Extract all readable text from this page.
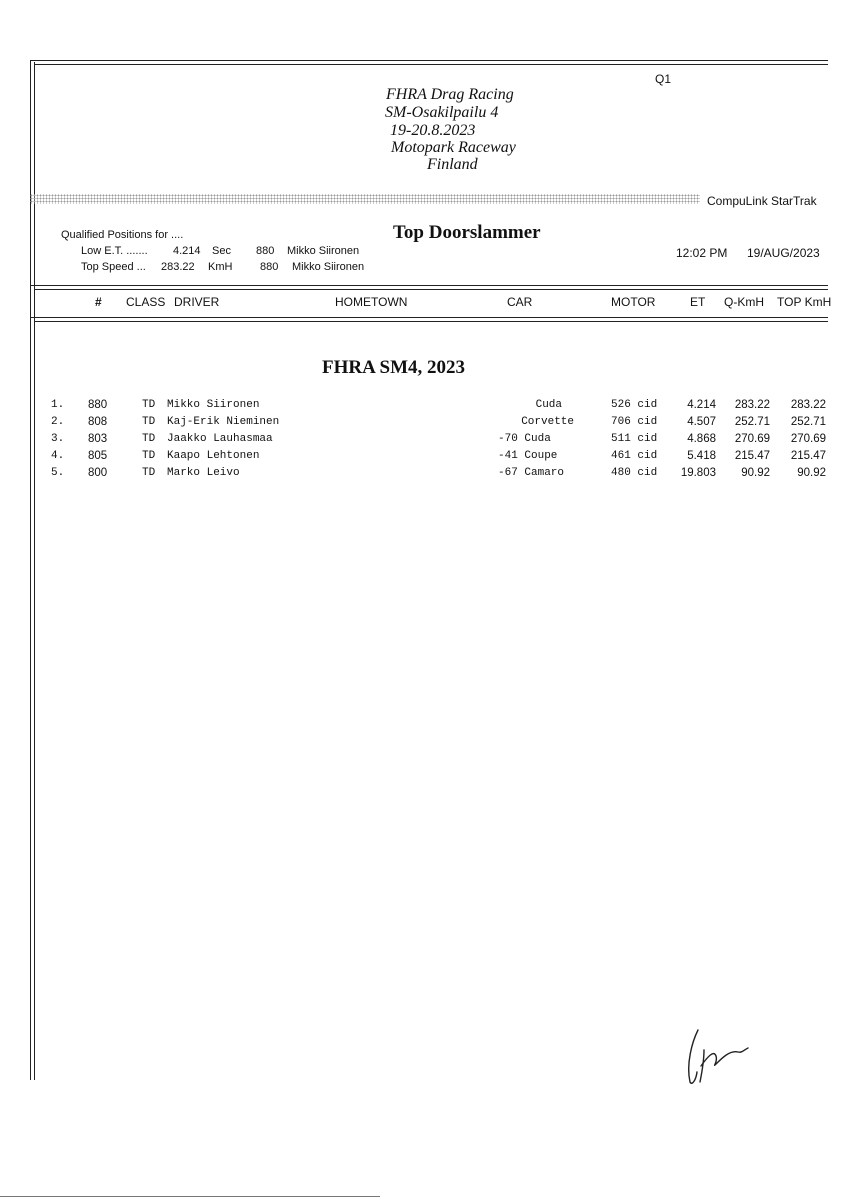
FHRA Drag Racing
SM-Osakilpailu 4
19-20.8.2023
Motopark Raceway
Finland
Q1
CompuLink StarTrak
Qualified Positions for ....
Low E.T. ....... 4.214 Sec 880 Mikko Siironen
Top Speed ... 283.22 KmH	880 Mikko Siironen
Top Doorslammer
12:02 PM 19/AUG/2023
# CLASS DRIVER	HOMETOWN	CAR	MOTOR	ET Q-KmH TOP KmH
FHRA SM4, 2023
1. 880	TD Mikko Siironen	Cuda	526 cid	4.214	283.22	283.22
2. 808	TD Kaj-Erik Nieminen	Corvette	706 cid	4.507	252.71	252.71
3. 803	TD Jaakko Lauhasmaa	-70 Cuda	511 cid	4.868	270.69	270.69
4. 805	TD Kaapo Lehtonen	-41 Coupe	461 cid	5.418	215.47	215.47
5. 800	TD Marko Leivo	-67 Camaro	480 cid	19.803	90.92	90.92
